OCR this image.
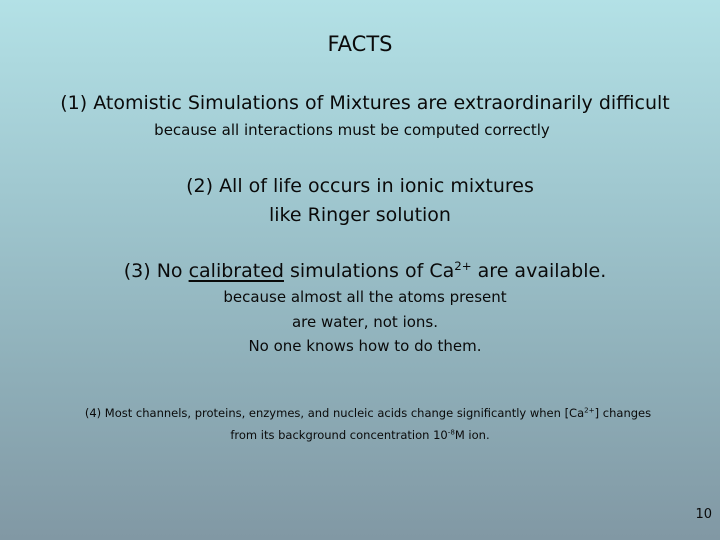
FACTS
(1) Atomistic Simulations of Mixtures are extraordinarily difficult
because all interactions must be computed correctly
(2) All of life occurs in ionic mixtures
like Ringer solution
(3) No calibrated simulations of $Ca^{2+}$ are available.
because almost all the atoms present
are water, not ions.
No one knows how to do them.
(4) Most channels, proteins, enzymes, and nucleic acids change significantly when $[Ca^{2+}]$ changes
from its background concentration $10^{-8}M$ ion.
10
